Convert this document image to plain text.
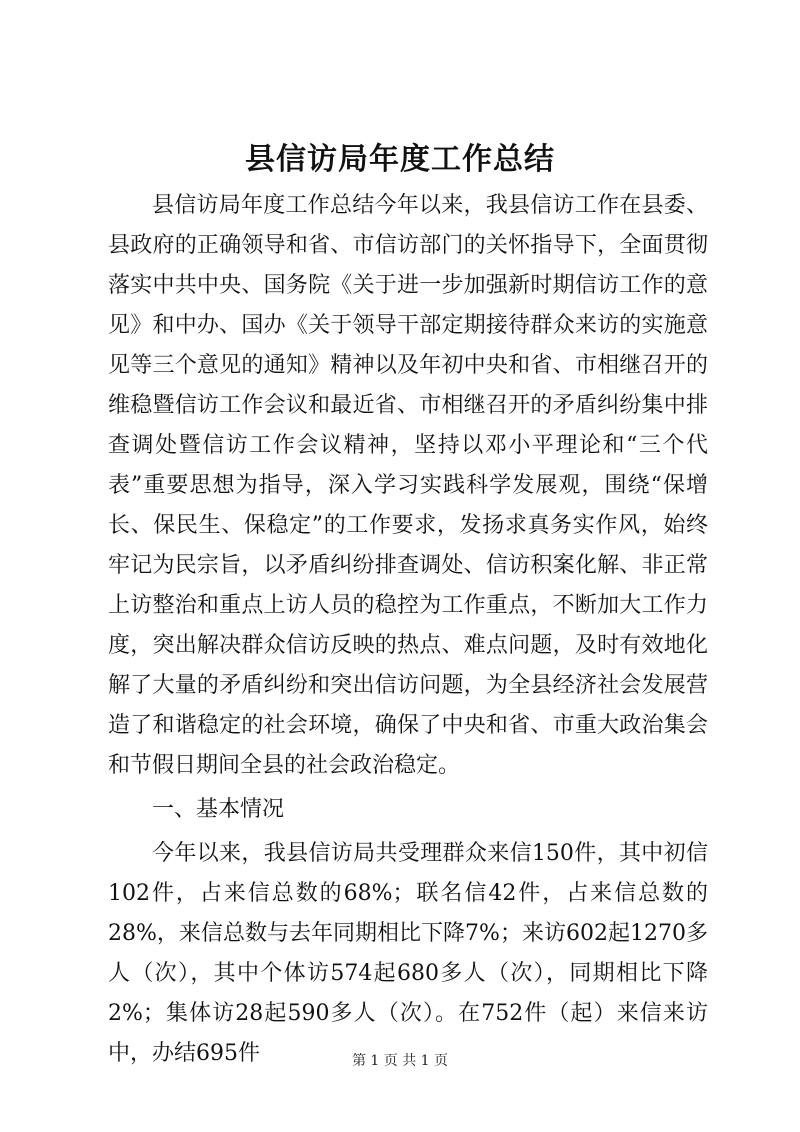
县信访局年度工作总结

县信访局年度工作总结今年以来，我县信访工作在县委、县政府的正确领导和省、市信访部门的关怀指导下，全面贯彻落实中共中央、国务院《关于进一步加强新时期信访工作的意见》和中办、国办《关于领导干部定期接待群众来访的实施意见等三个意见的通知》精神以及年初中央和省、市相继召开的维稳暨信访工作会议和最近省、市相继召开的矛盾纠纷集中排查调处暨信访工作会议精神，坚持以邓小平理论和“三个代表”重要思想为指导，深入学习实践科学发展观，围绕“保增长、保民生、保稳定”的工作要求，发扬求真务实作风，始终牢记为民宗旨，以矛盾纠纷排查调处、信访积案化解、非正常上访整治和重点上访人员的稳控为工作重点，不断加大工作力度，突出解决群众信访反映的热点、难点问题，及时有效地化解了大量的矛盾纠纷和突出信访问题，为全县经济社会发展营造了和谐稳定的社会环境，确保了中央和省、市重大政治集会和节假日期间全县的社会政治稳定。

一、基本情况

今年以来，我县信访局共受理群众来信150件，其中初信102件，占来信总数的68%；联名信42件，占来信总数的28%，来信总数与去年同期相比下降7%；来访602起1270多人（次），其中个体访574起680多人（次），同期相比下降2%；集体访28起590多人（次）。在752件（起）来信来访中，办结695件	第 1 页 共 1 页
